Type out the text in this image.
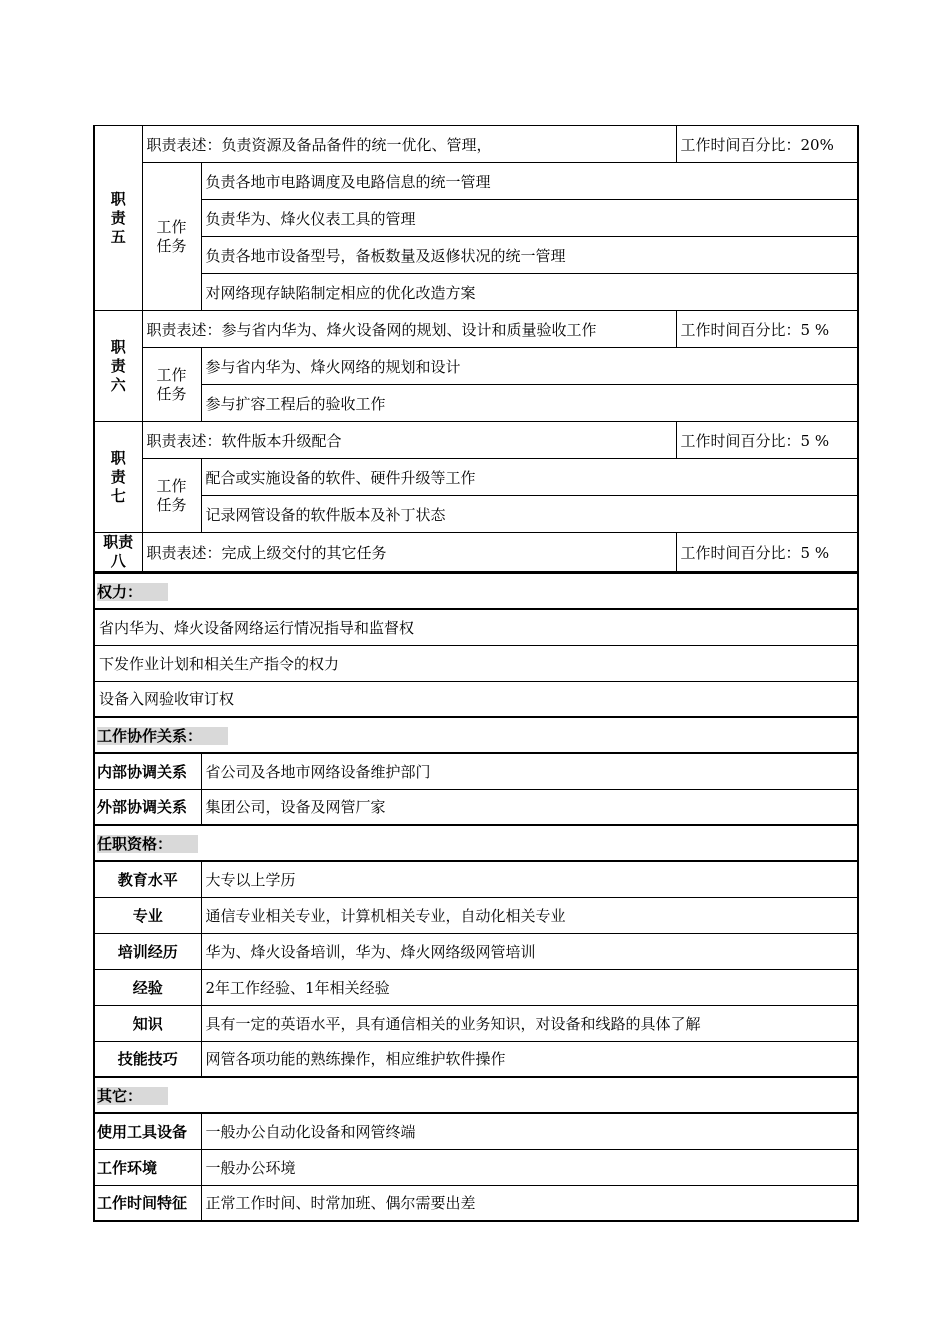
职
责
五	职责表述：负责资源及备品备件的统一优化、管理，		工作时间百分比：20%
	工作
任务	负责各地市电路调度及电路信息的统一管理	
		负责华为、烽火仪表工具的管理	
		负责各地市设备型号，备板数量及返修状况的统一管理	
		对网络现存缺陷制定相应的优化改造方案	
职
责
六	职责表述：参与省内华为、烽火设备网的规划、设计和质量验收工作		工作时间百分比：5 %
	工作
任务	参与省内华为、烽火网络的规划和设计	
		参与扩容工程后的验收工作	
职
责
七	职责表述：软件版本升级配合		工作时间百分比：5 %
	工作
任务	配合或实施设备的软件、硬件升级等工作	
		记录网管设备的软件版本及补丁状态	
职责
八	职责表述：完成上级交付的其它任务		工作时间百分比：5 %
权力：	
省内华为、烽火设备网络运行情况指导和监督权	
下发作业计划和相关生产指令的权力	
设备入网验收审订权	
工作协作关系：	
内部协调关系	省公司及各地市网络设备维护部门
外部协调关系	集团公司，设备及网管厂家
任职资格：	
教育水平	大专以上学历
专业	通信专业相关专业，计算机相关专业，自动化相关专业
培训经历	华为、烽火设备培训，华为、烽火网络级网管培训
经验	2年工作经验、1年相关经验
知识	具有一定的英语水平，具有通信相关的业务知识，对设备和线路的具体了解
技能技巧	网管各项功能的熟练操作，相应维护软件操作
其它：	
使用工具设备	一般办公自动化设备和网管终端
工作环境	一般办公环境
工作时间特征	正常工作时间、时常加班、偶尔需要出差
